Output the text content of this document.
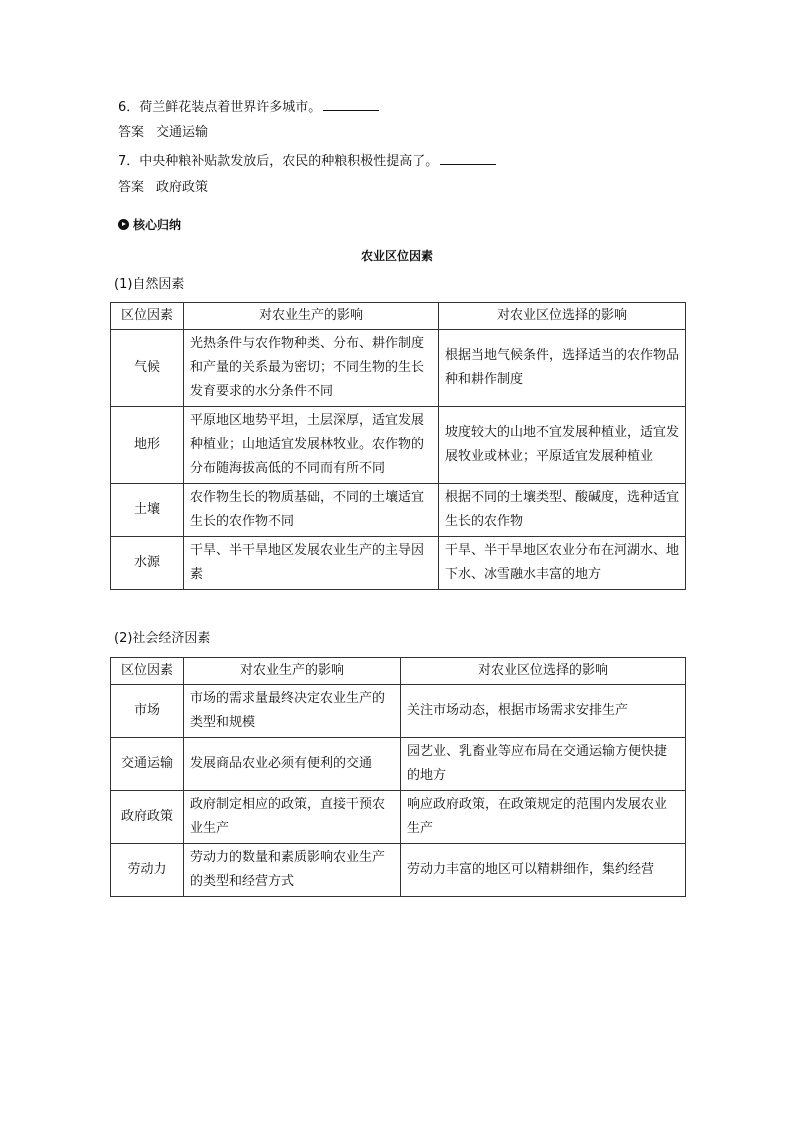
6．荷兰鲜花装点着世界许多城市。
答案 交通运输
7．中央种粮补贴款发放后，农民的种粮积极性提高了。
答案 政府政策
核心归纳
农业区位因素
(1)自然因素
区位因素	对农业生产的影响	对农业区位选择的影响
气候	光热条件与农作物种类、分布、耕作制度和产量的关系最为密切；不同生物的生长发育要求的水分条件不同	根据当地气候条件，选择适当的农作物品种和耕作制度
地形	平原地区地势平坦，土层深厚，适宜发展种植业；山地适宜发展林牧业。农作物的分布随海拔高低的不同而有所不同	坡度较大的山地不宜发展种植业，适宜发展牧业或林业；平原适宜发展种植业
土壤	农作物生长的物质基础，不同的土壤适宜生长的农作物不同	根据不同的土壤类型、酸碱度，选种适宜生长的农作物
水源	干旱、半干旱地区发展农业生产的主导因素	干旱、半干旱地区农业分布在河湖水、地下水、冰雪融水丰富的地方
(2)社会经济因素
区位因素	对农业生产的影响	对农业区位选择的影响
市场	市场的需求量最终决定农业生产的类型和规模	关注市场动态，根据市场需求安排生产
交通运输	发展商品农业必须有便利的交通	园艺业、乳畜业等应布局在交通运输方便快捷的地方
政府政策	政府制定相应的政策，直接干预农业生产	响应政府政策，在政策规定的范围内发展农业生产
劳动力	劳动力的数量和素质影响农业生产的类型和经营方式	劳动力丰富的地区可以精耕细作，集约经营
